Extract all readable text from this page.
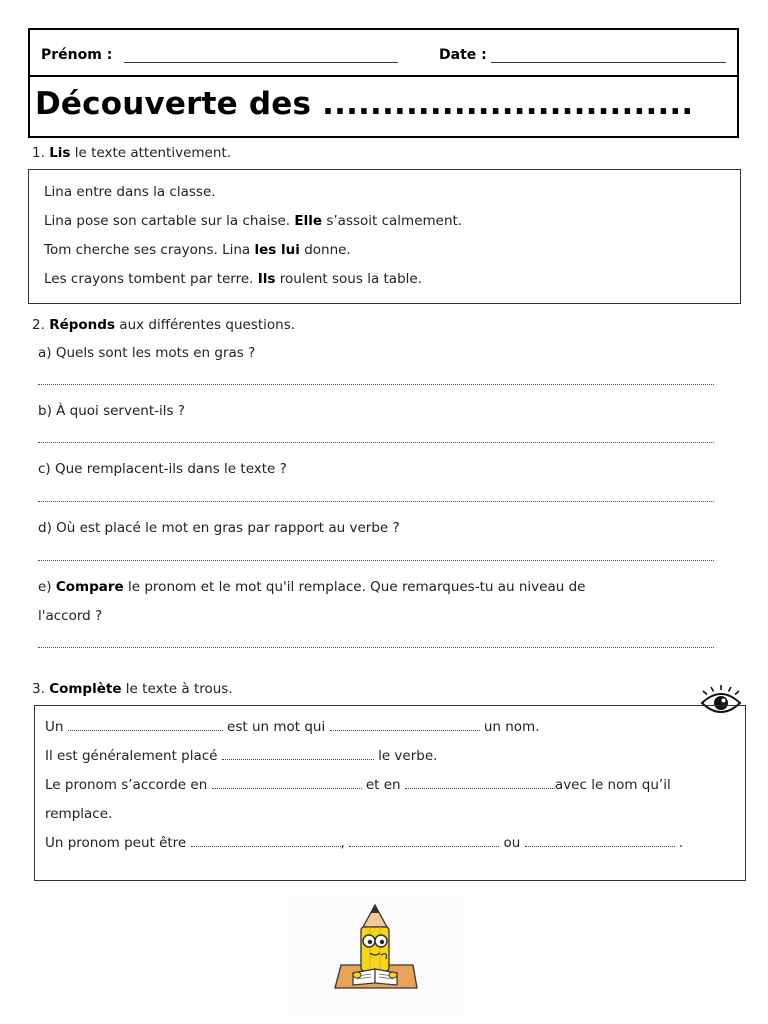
Prénom :	Date :
Découverte des ...............................
1. Lis le texte attentivement.
Lina entre dans la classe.
Lina pose son cartable sur la chaise. Elle s’assoit calmement.
Tom cherche ses crayons. Lina les lui donne.
Les crayons tombent par terre. Ils roulent sous la table.
2. Réponds aux différentes questions.
a) Quels sont les mots en gras ?
b) À quoi servent-ils ?
c) Que remplacent-ils dans le texte ?
d) Où est placé le mot en gras par rapport au verbe ?
e) Compare le pronom et le mot qu'il remplace. Que remarques-tu au niveau de
l'accord ?
3. Complète le texte à trous.
Un	est un mot qui	un nom.
Il est généralement placé	le verbe.
Le pronom s’accorde en	et en	avec le nom qu’il
remplace.
Un pronom peut être	,	ou	.
